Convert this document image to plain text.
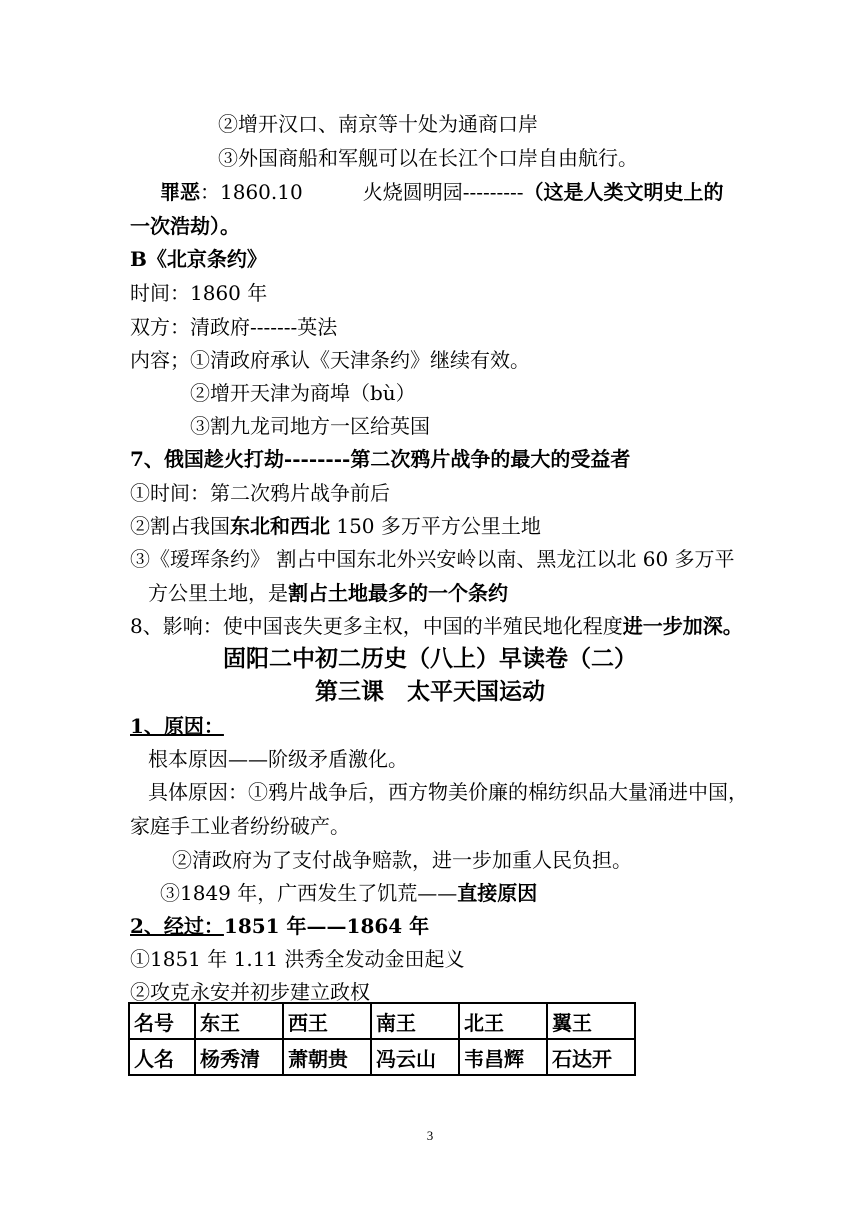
②增开汉口、南京等十处为通商口岸
③外国商船和军舰可以在长江个口岸自由航行。
罪恶：1860.10　　　火烧圆明园---------（这是人类文明史上的
一次浩劫）。
B《北京条约》
时间：1860 年
双方：清政府-------英法
内容；①清政府承认《天津条约》继续有效。
②增开天津为商埠（bù）
③割九龙司地方一区给英国
7、俄国趁火打劫--------第二次鸦片战争的最大的受益者
①时间：第二次鸦片战争前后
②割占我国东北和西北 150 多万平方公里土地
③《瑷珲条约》 割占中国东北外兴安岭以南、黑龙江以北 60 多万平
方公里土地，是割占土地最多的一个条约
8、影响：使中国丧失更多主权，中国的半殖民地化程度进一步加深。
固阳二中初二历史（八上）早读卷（二）
第三课　太平天国运动
1、原因：
根本原因——阶级矛盾激化。
具体原因：①鸦片战争后，西方物美价廉的棉纺织品大量涌进中国，
家庭手工业者纷纷破产。
②清政府为了支付战争赔款，进一步加重人民负担。
③1849 年，广西发生了饥荒——直接原因
2、经过：1851 年——1864 年
①1851 年 1.11 洪秀全发动金田起义
②攻克永安并初步建立政权
名号	东王	西王	南王	北王	翼王
人名	杨秀清	萧朝贵	冯云山	韦昌辉	石达开
3
